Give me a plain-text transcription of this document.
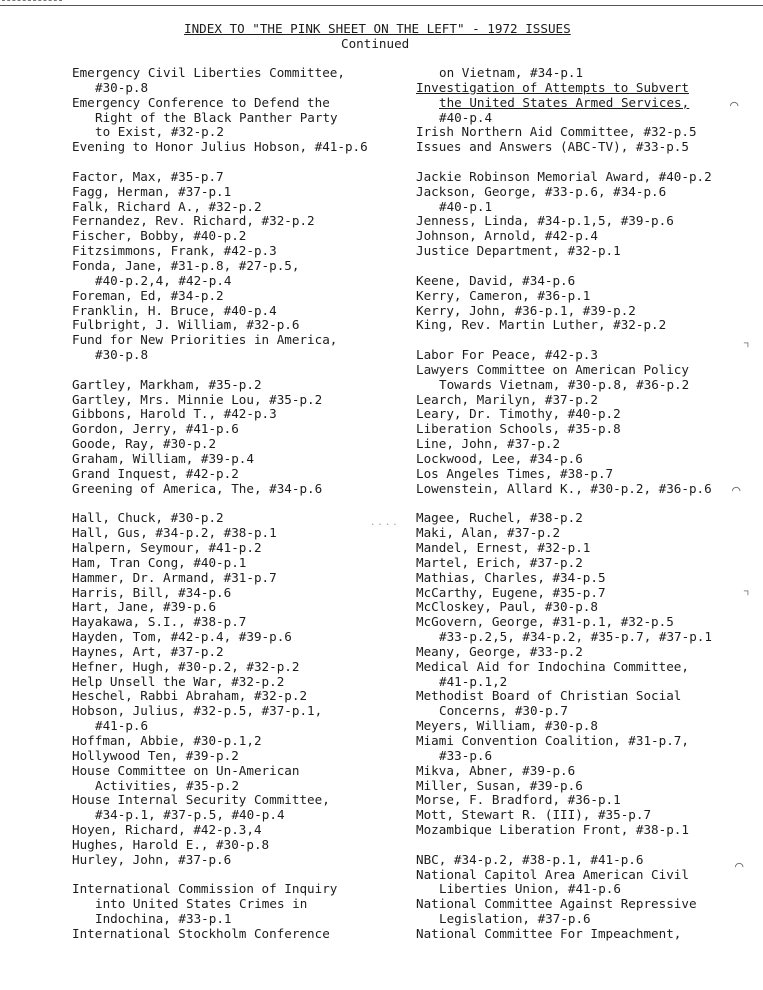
INDEX TO "THE PINK SHEET ON THE LEFT" - 1972 ISSUES
Continued
Emergency Civil Liberties Committee,
#30-p.8
Emergency Conference to Defend the
Right of the Black Panther Party
to Exist, #32-p.2
Evening to Honor Julius Hobson, #41-p.6
Factor, Max, #35-p.7
Fagg, Herman, #37-p.1
Falk, Richard A., #32-p.2
Fernandez, Rev. Richard, #32-p.2
Fischer, Bobby, #40-p.2
Fitzsimmons, Frank, #42-p.3
Fonda, Jane, #31-p.8, #27-p.5,
#40-p.2,4, #42-p.4
Foreman, Ed, #34-p.2
Franklin, H. Bruce, #40-p.4
Fulbright, J. William, #32-p.6
Fund for New Priorities in America,
#30-p.8
Gartley, Markham, #35-p.2
Gartley, Mrs. Minnie Lou, #35-p.2
Gibbons, Harold T., #42-p.3
Gordon, Jerry, #41-p.6
Goode, Ray, #30-p.2
Graham, William, #39-p.4
Grand Inquest, #42-p.2
Greening of America, The, #34-p.6
Hall, Chuck, #30-p.2
Hall, Gus, #34-p.2, #38-p.1
Halpern, Seymour, #41-p.2
Ham, Tran Cong, #40-p.1
Hammer, Dr. Armand, #31-p.7
Harris, Bill, #34-p.6
Hart, Jane, #39-p.6
Hayakawa, S.I., #38-p.7
Hayden, Tom, #42-p.4, #39-p.6
Haynes, Art, #37-p.2
Hefner, Hugh, #30-p.2, #32-p.2
Help Unsell the War, #32-p.2
Heschel, Rabbi Abraham, #32-p.2
Hobson, Julius, #32-p.5, #37-p.1,
#41-p.6
Hoffman, Abbie, #30-p.1,2
Hollywood Ten, #39-p.2
House Committee on Un-American
Activities, #35-p.2
House Internal Security Committee,
#34-p.1, #37-p.5, #40-p.4
Hoyen, Richard, #42-p.3,4
Hughes, Harold E., #30-p.8
Hurley, John, #37-p.6
International Commission of Inquiry
into United States Crimes in
Indochina, #33-p.1
International Stockholm Conference
on Vietnam, #34-p.1
Investigation of Attempts to Subvert
the United States Armed Services,
#40-p.4
Irish Northern Aid Committee, #32-p.5
Issues and Answers (ABC-TV), #33-p.5
Jackie Robinson Memorial Award, #40-p.2
Jackson, George, #33-p.6, #34-p.6
#40-p.1
Jenness, Linda, #34-p.1,5, #39-p.6
Johnson, Arnold, #42-p.4
Justice Department, #32-p.1
Keene, David, #34-p.6
Kerry, Cameron, #36-p.1
Kerry, John, #36-p.1, #39-p.2
King, Rev. Martin Luther, #32-p.2
Labor For Peace, #42-p.3
Lawyers Committee on American Policy
Towards Vietnam, #30-p.8, #36-p.2
Learch, Marilyn, #37-p.2
Leary, Dr. Timothy, #40-p.2
Liberation Schools, #35-p.8
Line, John, #37-p.2
Lockwood, Lee, #34-p.6
Los Angeles Times, #38-p.7
Lowenstein, Allard K., #30-p.2, #36-p.6
Magee, Ruchel, #38-p.2
Maki, Alan, #37-p.2
Mandel, Ernest, #32-p.1
Martel, Erich, #37-p.2
Mathias, Charles, #34-p.5
McCarthy, Eugene, #35-p.7
McCloskey, Paul, #30-p.8
McGovern, George, #31-p.1, #32-p.5
#33-p.2,5, #34-p.2, #35-p.7, #37-p.1
Meany, George, #33-p.2
Medical Aid for Indochina Committee,
#41-p.1,2
Methodist Board of Christian Social
Concerns, #30-p.7
Meyers, William, #30-p.8
Miami Convention Coalition, #31-p.7,
#33-p.6
Mikva, Abner, #39-p.6
Miller, Susan, #39-p.6
Morse, F. Bradford, #36-p.1
Mott, Stewart R. (III), #35-p.7
Mozambique Liberation Front, #38-p.1
NBC, #34-p.2, #38-p.1, #41-p.6
National Capitol Area American Civil
Liberties Union, #41-p.6
National Committee Against Repressive
Legislation, #37-p.6
National Committee For Impeachment,
⌒
⌝
⌒
⌝
⌒
....
